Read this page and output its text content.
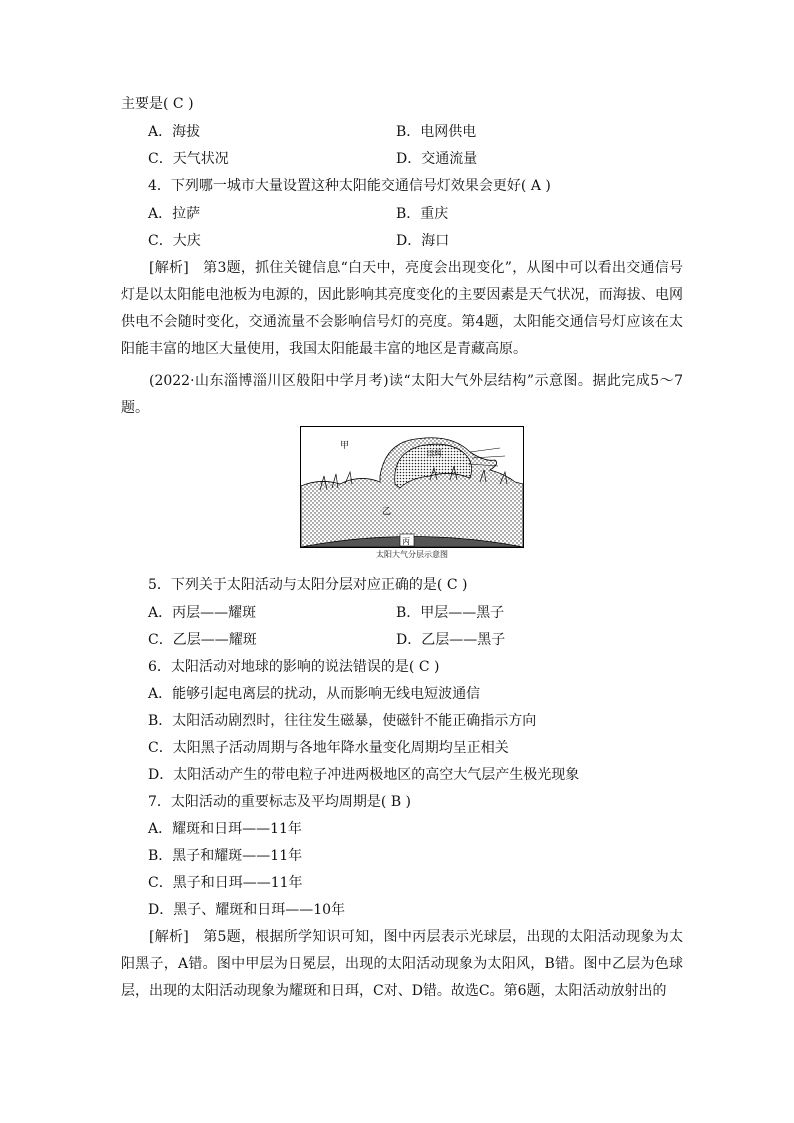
主要是( C )
A．海拔	B．电网供电
C．天气状况	D．交通流量
4．下列哪一城市大量设置这种太阳能交通信号灯效果会更好( A )
A．拉萨	B．重庆
C．大庆	D．海口
[解析]　第3题，抓住关键信息“白天中，亮度会出现变化”，从图中可以看出交通信号灯是以太阳能电池板为电源的，因此影响其亮度变化的主要因素是天气状况，而海拔、电网供电不会随时变化，交通流量不会影响信号灯的亮度。第4题，太阳能交通信号灯应该在太阳能丰富的地区大量使用，我国太阳能最丰富的地区是青藏高原。
(2022·山东淄博淄川区般阳中学月考)读“太阳大气外层结构”示意图。据此完成5～7题。
甲
日珥
乙
丙
太阳大气分层示意图
5．下列关于太阳活动与太阳分层对应正确的是( C )
A．丙层——耀斑	B．甲层——黑子
C．乙层——耀斑	D．乙层——黑子
6．太阳活动对地球的影响的说法错误的是( C )
A．能够引起电离层的扰动，从而影响无线电短波通信
B．太阳活动剧烈时，往往发生磁暴，使磁针不能正确指示方向
C．太阳黑子活动周期与各地年降水量变化周期均呈正相关
D．太阳活动产生的带电粒子冲进两极地区的高空大气层产生极光现象
7．太阳活动的重要标志及平均周期是( B )
A．耀斑和日珥——11年
B．黑子和耀斑——11年
C．黑子和日珥——11年
D．黑子、耀斑和日珥——10年
[解析]　第5题，根据所学知识可知，图中丙层表示光球层，出现的太阳活动现象为太阳黑子，A错。图中甲层为日冕层，出现的太阳活动现象为太阳风，B错。图中乙层为色球层，出现的太阳活动现象为耀斑和日珥，C对、D错。故选C。第6题，太阳活动放射出的
